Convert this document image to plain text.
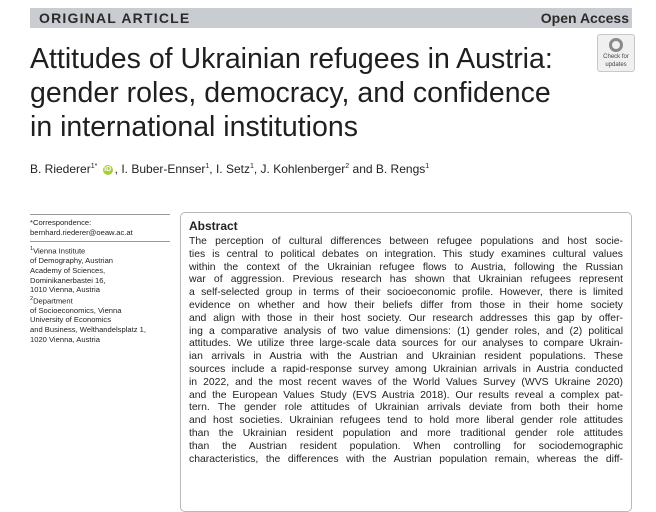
ORIGINAL ARTICLE	Open Access
Check for
updates
Attitudes of Ukrainian refugees in Austria:
gender roles, democracy, and confidence
in international institutions
B. Riederer$^{1*}$ iD , I. Buber-Ennser$^1$, I. Setz$^1$, J. Kohlenberger$^2$ and B. Rengs$^1$

*Correspondence:

bernhard.riederer@oeaw.ac.at

$^1$Vienna Institute

of Demography, Austrian

Academy of Sciences,

Dominikanerbastei 16,

1010 Vienna, Austria

$^2$Department

of Socioeconomics, Vienna

University of Economics

and Business, Welthandelsplatz 1,

1020 Vienna, Austria

Abstract
The perception of cultural differences between refugee populations and host socie-
ties is central to political debates on integration. This study examines cultural values
within the context of the Ukrainian refugee flows to Austria, following the Russian
war of aggression. Previous research has shown that Ukrainian refugees represent
a self-selected group in terms of their socioeconomic profile. However, there is limited
evidence on whether and how their beliefs differ from those in their home society
and align with those in their host society. Our research addresses this gap by offer-
ing a comparative analysis of two value dimensions: (1) gender roles, and (2) political
attitudes. We utilize three large-scale data sources for our analyses to compare Ukrain-
ian arrivals in Austria with the Austrian and Ukrainian resident populations. These
sources include a rapid-response survey among Ukrainian arrivals in Austria conducted
in 2022, and the most recent waves of the World Values Survey (WVS Ukraine 2020)
and the European Values Study (EVS Austria 2018). Our results reveal a complex pat-
tern. The gender role attitudes of Ukrainian arrivals deviate from both their home
and host societies. Ukrainian refugees tend to hold more liberal gender role attitudes
than the Ukrainian resident population and more traditional gender role attitudes
than the Austrian resident population. When controlling for sociodemographic
characteristics, the differences with the Austrian population remain, whereas the diff-
